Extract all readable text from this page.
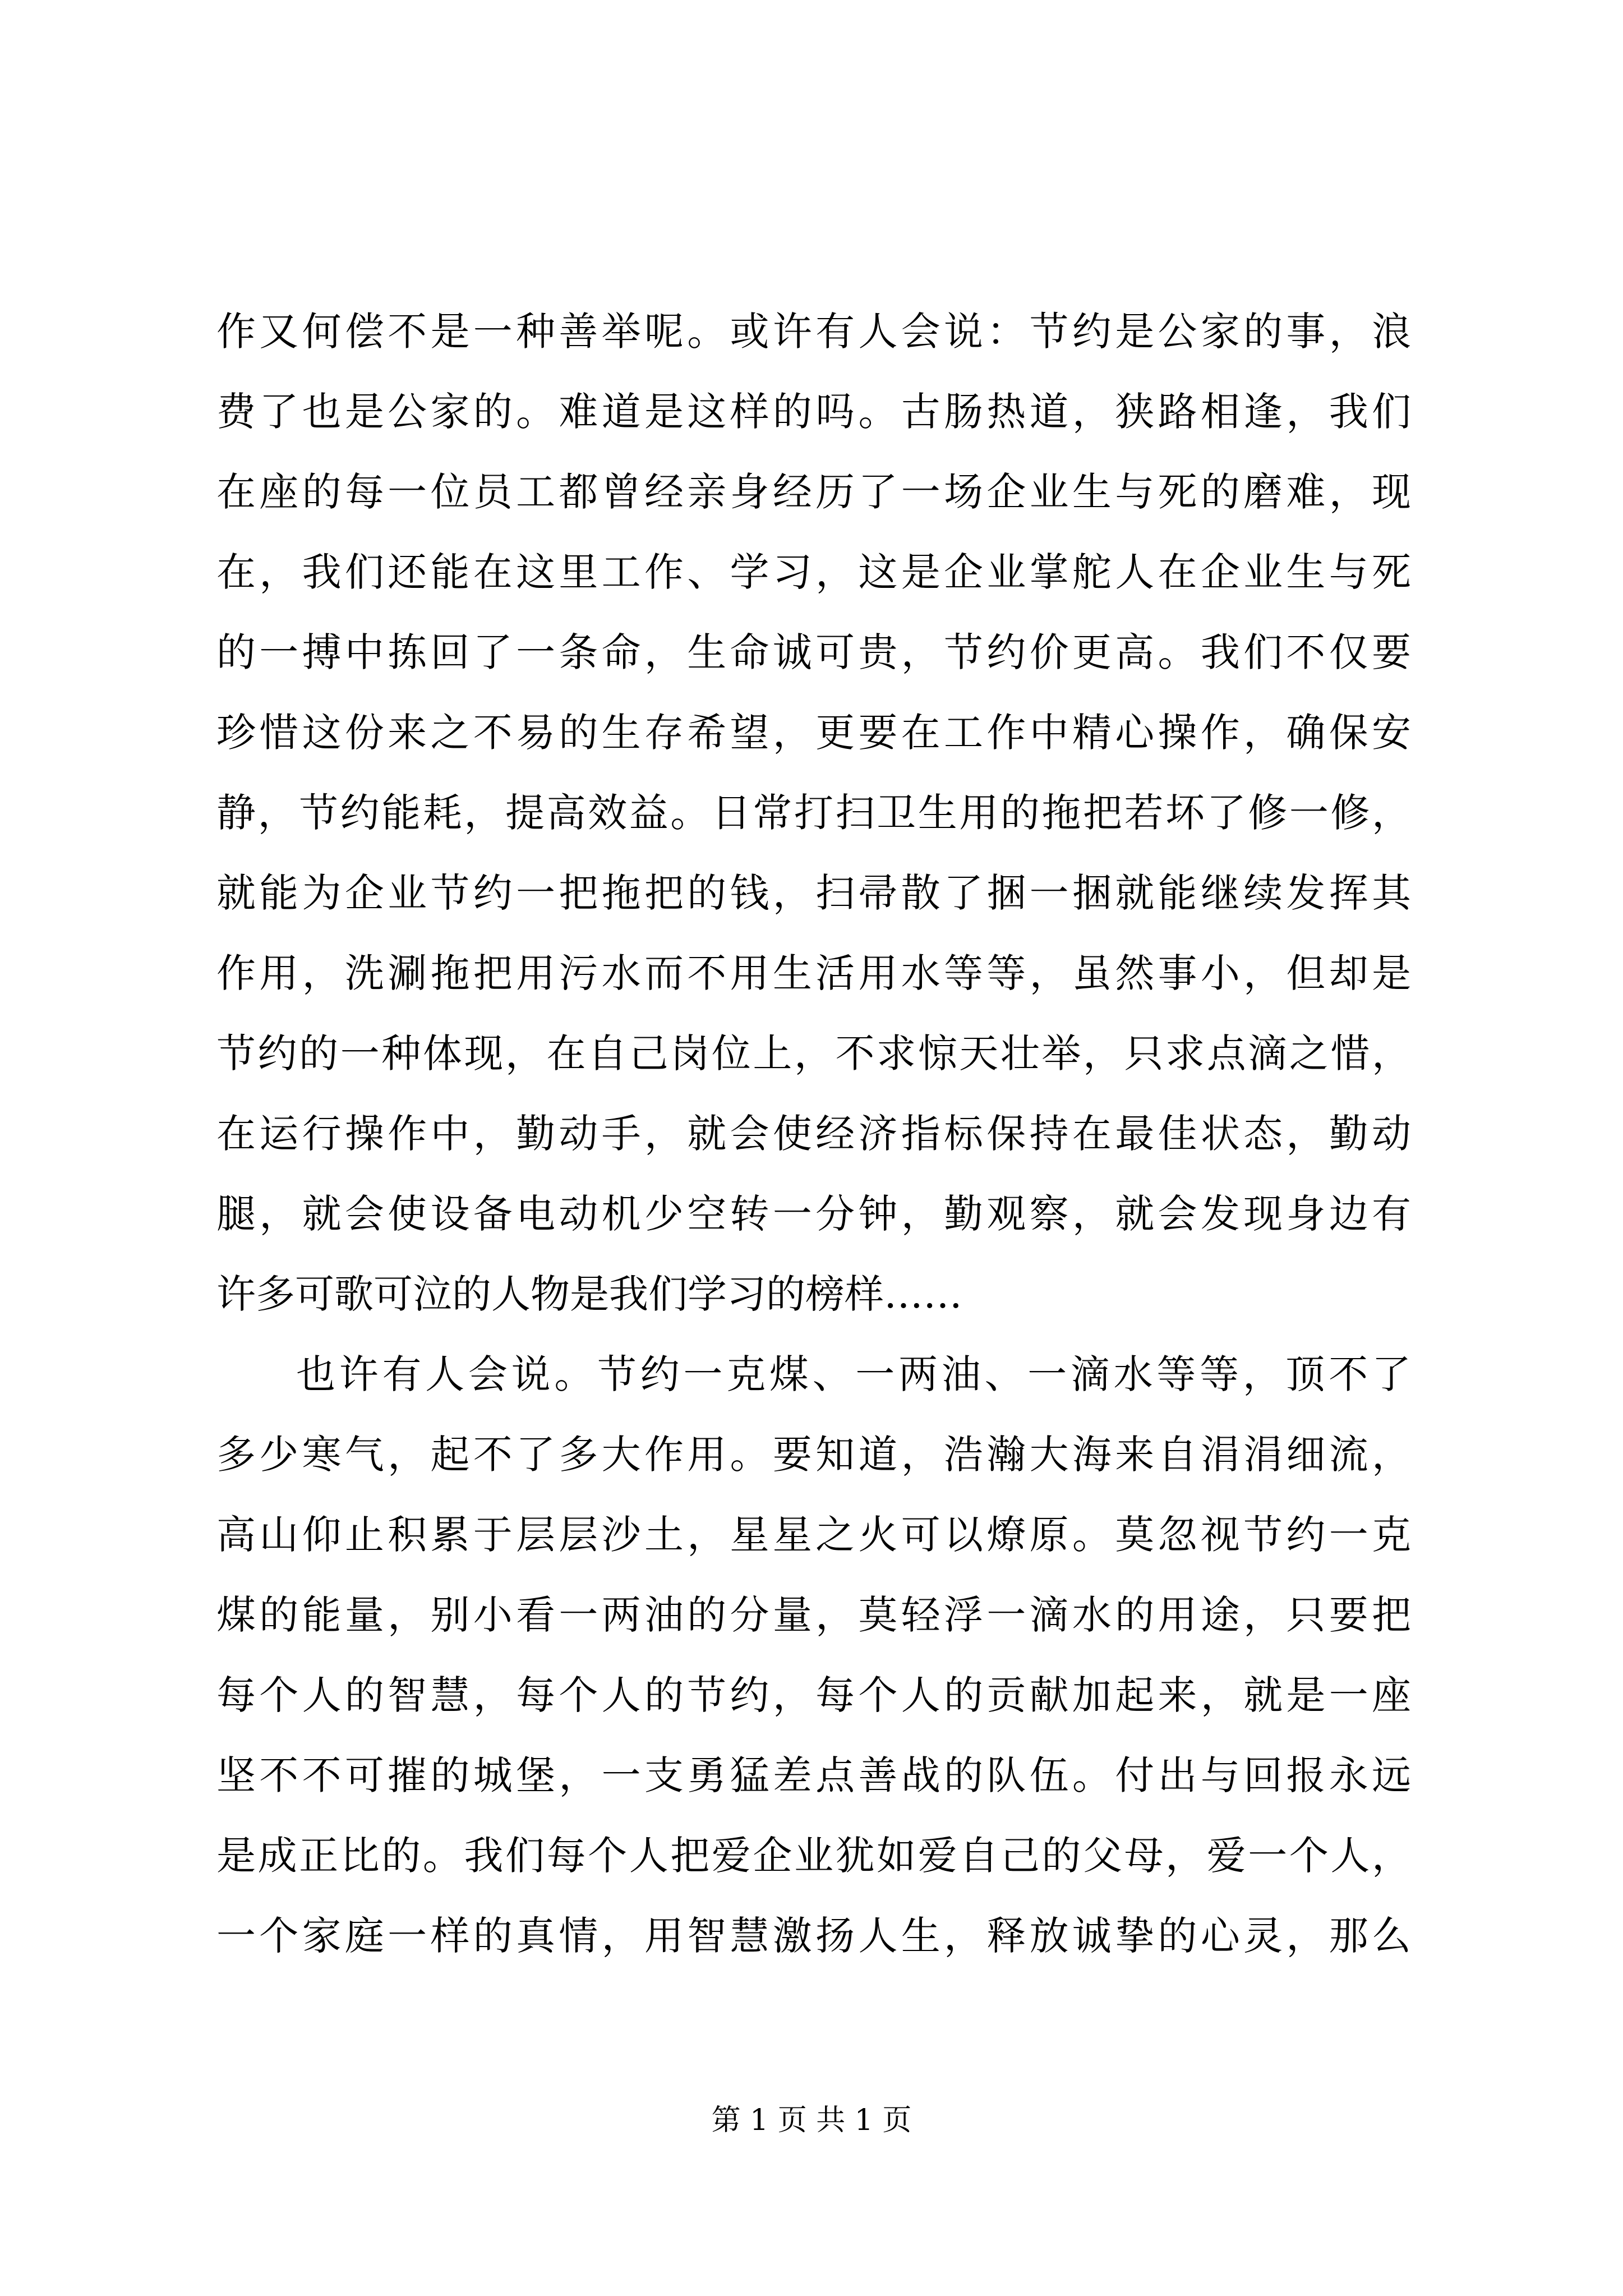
作又何偿不是一种善举呢。或许有人会说：节约是公家的事，浪
费了也是公家的。难道是这样的吗。古肠热道，狭路相逢，我们
在座的每一位员工都曾经亲身经历了一场企业生与死的磨难，现
在，我们还能在这里工作、学习，这是企业掌舵人在企业生与死
的一搏中拣回了一条命，生命诚可贵，节约价更高。我们不仅要
珍惜这份来之不易的生存希望，更要在工作中精心操作，确保安
静，节约能耗，提高效益。日常打扫卫生用的拖把若坏了修一修，
就能为企业节约一把拖把的钱，扫帚散了捆一捆就能继续发挥其
作用，洗涮拖把用污水而不用生活用水等等，虽然事小，但却是
节约的一种体现，在自己岗位上，不求惊天壮举，只求点滴之惜，
在运行操作中，勤动手，就会使经济指标保持在最佳状态，勤动
腿，就会使设备电动机少空转一分钟，勤观察，就会发现身边有
许多可歌可泣的人物是我们学习的榜样……
也许有人会说。节约一克煤、一两油、一滴水等等，顶不了
多少寒气，起不了多大作用。要知道，浩瀚大海来自涓涓细流，
高山仰止积累于层层沙土，星星之火可以燎原。莫忽视节约一克
煤的能量，别小看一两油的分量，莫轻浮一滴水的用途，只要把
每个人的智慧，每个人的节约，每个人的贡献加起来，就是一座
坚不不可摧的城堡，一支勇猛差点善战的队伍。付出与回报永远
是成正比的。我们每个人把爱企业犹如爱自己的父母，爱一个人，
一个家庭一样的真情，用智慧激扬人生，释放诚挚的心灵，那么
第 1 页 共 1 页
